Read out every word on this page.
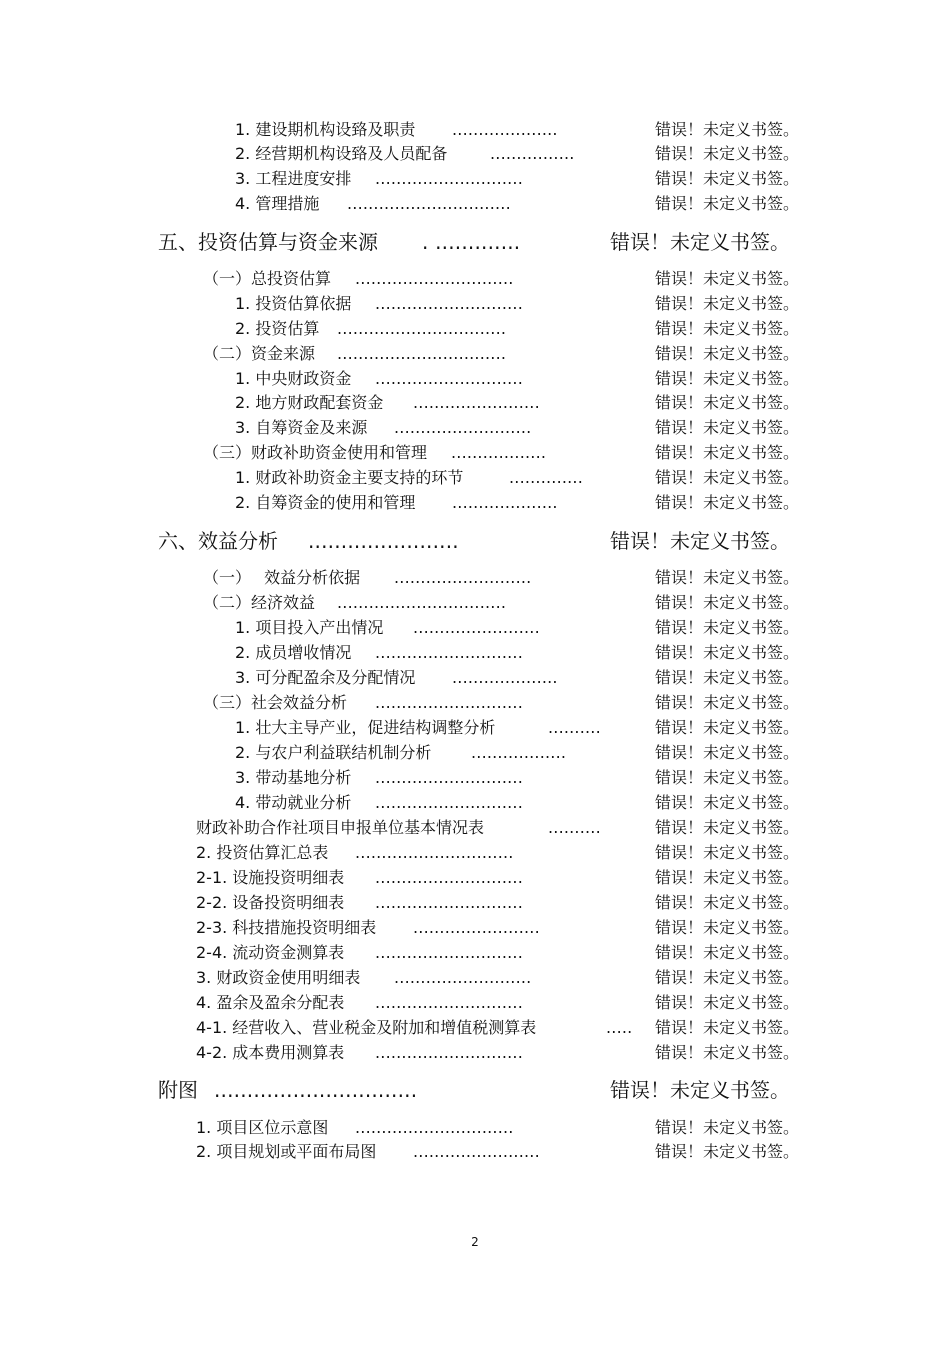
1. 建设期机构设臵及职责 ....................	错误！未定义书签。
2. 经营期机构设臵及人员配备	................	错误！未定义书签。
3. 工程进度安排 ............................	错误！未定义书签。
4. 管理措施 ...............................	错误！未定义书签。
五、投资估算与资金来源 . .............	错误！未定义书签。
（一）总投资估算 ..............................	错误！未定义书签。
1. 投资估算依据 ............................	错误！未定义书签。
2. 投资估算 ................................	错误！未定义书签。
（二）资金来源 ................................	错误！未定义书签。
1. 中央财政资金 ............................	错误！未定义书签。
2. 地方财政配套资金 ........................	错误！未定义书签。
3. 自筹资金及来源 ..........................	错误！未定义书签。
（三）财政补助资金使用和管理 ..................	错误！未定义书签。
1. 财政补助资金主要支持的环节	..............	错误！未定义书签。
2. 自筹资金的使用和管理 ....................	错误！未定义书签。
六、效益分析 .......................	错误！未定义书签。
（一）　 效益分析依据 ..........................	错误！未定义书签。
（二）经济效益 ................................	错误！未定义书签。
1. 项目投入产出情况 ........................	错误！未定义书签。
2. 成员增收情况 ............................	错误！未定义书签。
3. 可分配盈余及分配情况 ....................	错误！未定义书签。
（三）社会效益分析 ............................	错误！未定义书签。
1. 壮大主导产业，促进结构调整分析	..........	错误！未定义书签。
2. 与农户利益联结机制分析 ..................	错误！未定义书签。
3. 带动基地分析 ............................	错误！未定义书签。
4. 带动就业分析 ............................	错误！未定义书签。
财政补助合作社项目申报单位基本情况表	..........	错误！未定义书签。
2. 投资估算汇总表 ..............................	错误！未定义书签。
2-1. 设施投资明细表 ............................	错误！未定义书签。
2-2. 设备投资明细表 ............................	错误！未定义书签。
2-3. 科技措施投资明细表 ........................	错误！未定义书签。
2-4. 流动资金测算表 ............................	错误！未定义书签。
3. 财政资金使用明细表 ..........................	错误！未定义书签。
4. 盈余及盈余分配表 ............................	错误！未定义书签。
4-1. 经营收入、营业税金及附加和增值税测算表	..... 错误！未定义书签。
4-2. 成本费用测算表 ............................	错误！未定义书签。
附图 ...............................	错误！未定义书签。
1. 项目区位示意图 ..............................	错误！未定义书签。
2. 项目规划或平面布局图 ........................	错误！未定义书签。
2
